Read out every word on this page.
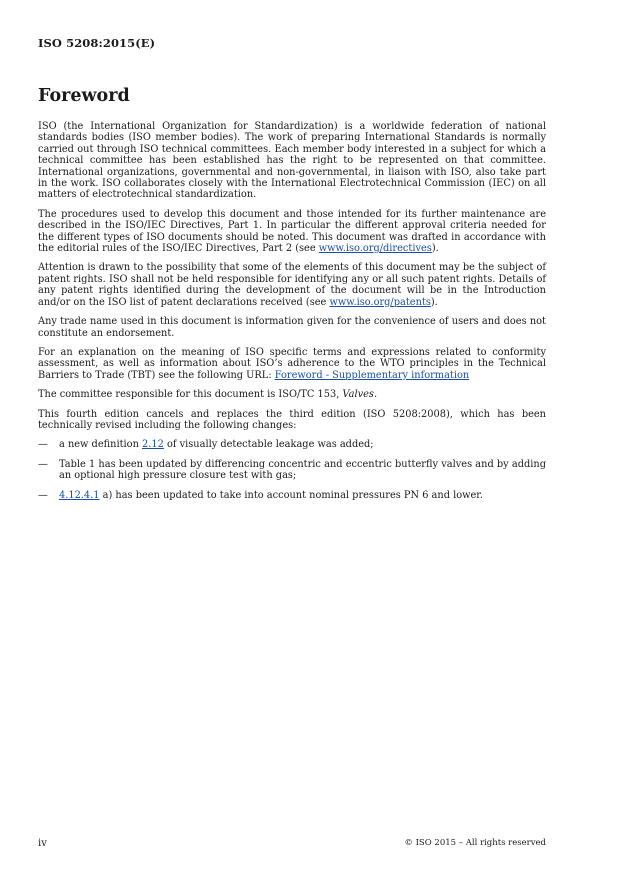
ISO 5208:2015(E)
Foreword

ISO (the International Organization for Standardization) is a worldwide federation of national standards bodies (ISO member bodies). The work of preparing International Standards is normally carried out through ISO technical committees. Each member body interested in a subject for which a technical committee has been established has the right to be represented on that committee. International organizations, governmental and non-governmental, in liaison with ISO, also take part in the work. ISO collaborates closely with the International Electrotechnical Commission (IEC) on all matters of electrotechnical standardization.

The procedures used to develop this document and those intended for its further maintenance are described in the ISO/IEC Directives, Part 1. In particular the different approval criteria needed for the different types of ISO documents should be noted. This document was drafted in accordance with the editorial rules of the ISO/IEC Directives, Part 2 (see www.iso.org/directives).

Attention is drawn to the possibility that some of the elements of this document may be the subject of patent rights. ISO shall not be held responsible for identifying any or all such patent rights. Details of any patent rights identified during the development of the document will be in the Introduction and/or on the ISO list of patent declarations received (see www.iso.org/patents).

Any trade name used in this document is information given for the convenience of users and does not constitute an endorsement.

For an explanation on the meaning of ISO specific terms and expressions related to conformity assessment, as well as information about ISO’s adherence to the WTO principles in the Technical Barriers to Trade (TBT) see the following URL: Foreword - Supplementary information

The committee responsible for this document is ISO/TC 153, Valves.

This fourth edition cancels and replaces the third edition (ISO 5208:2008), which has been technically revised including the following changes:

— a new definition 2.12 of visually detectable leakage was added;
— Table 1 has been updated by differencing concentric and eccentric butterfly valves and by adding an optional high pressure closure test with gas;
— 4.12.4.1 a) has been updated to take into account nominal pressures PN 6 and lower.
iv	© ISO 2015 – All rights reserved
